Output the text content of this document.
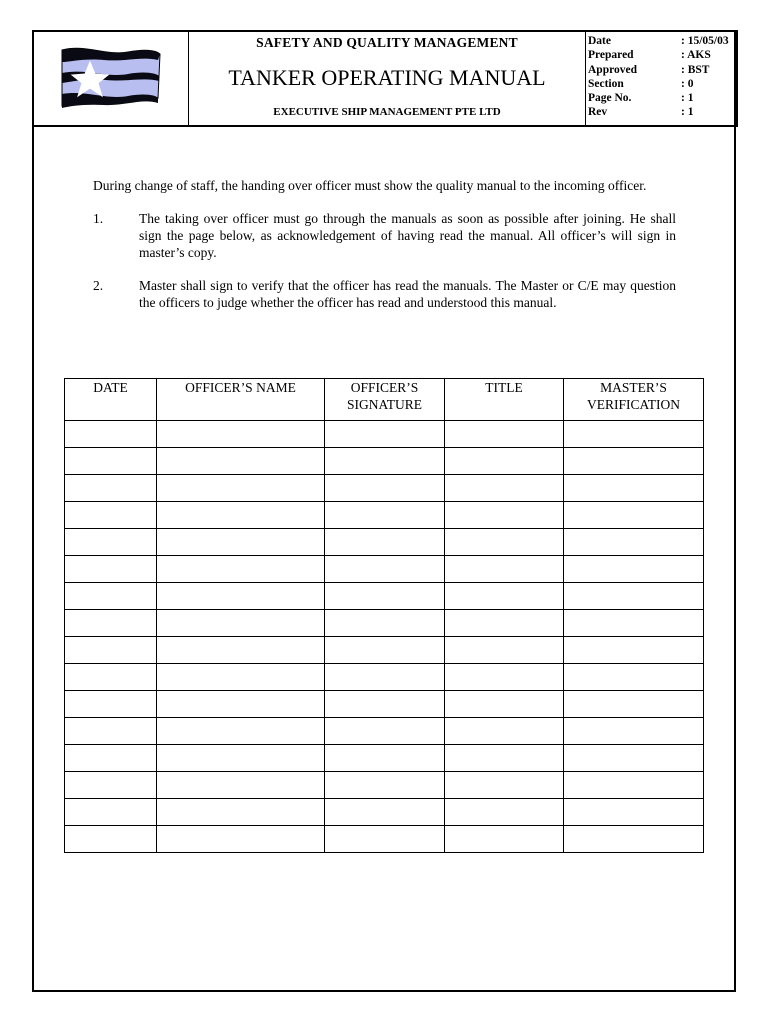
SAFETY AND QUALITY MANAGEMENT
TANKER OPERATING MANUAL
EXECUTIVE SHIP MANAGEMENT PTE LTD
Date	: 15/05/03
Prepared	: AKS
Approved	: BST
Section	: 0
Page No.	: 1
Rev	: 1

During change of staff, the handing over officer must show the quality manual to the incoming officer.

1.	The taking over officer must go through the manuals as soon as possible after joining. He shall sign the page below, as acknowledgement of having read the manual. All officer’s will sign in master’s copy.
2.	Master shall sign to verify that the officer has read the manuals. The Master or C/E may question the officers to judge whether the officer has read and understood this manual.
DATE	OFFICER’S NAME	OFFICER’S SIGNATURE	TITLE	MASTER’S VERIFICATION
